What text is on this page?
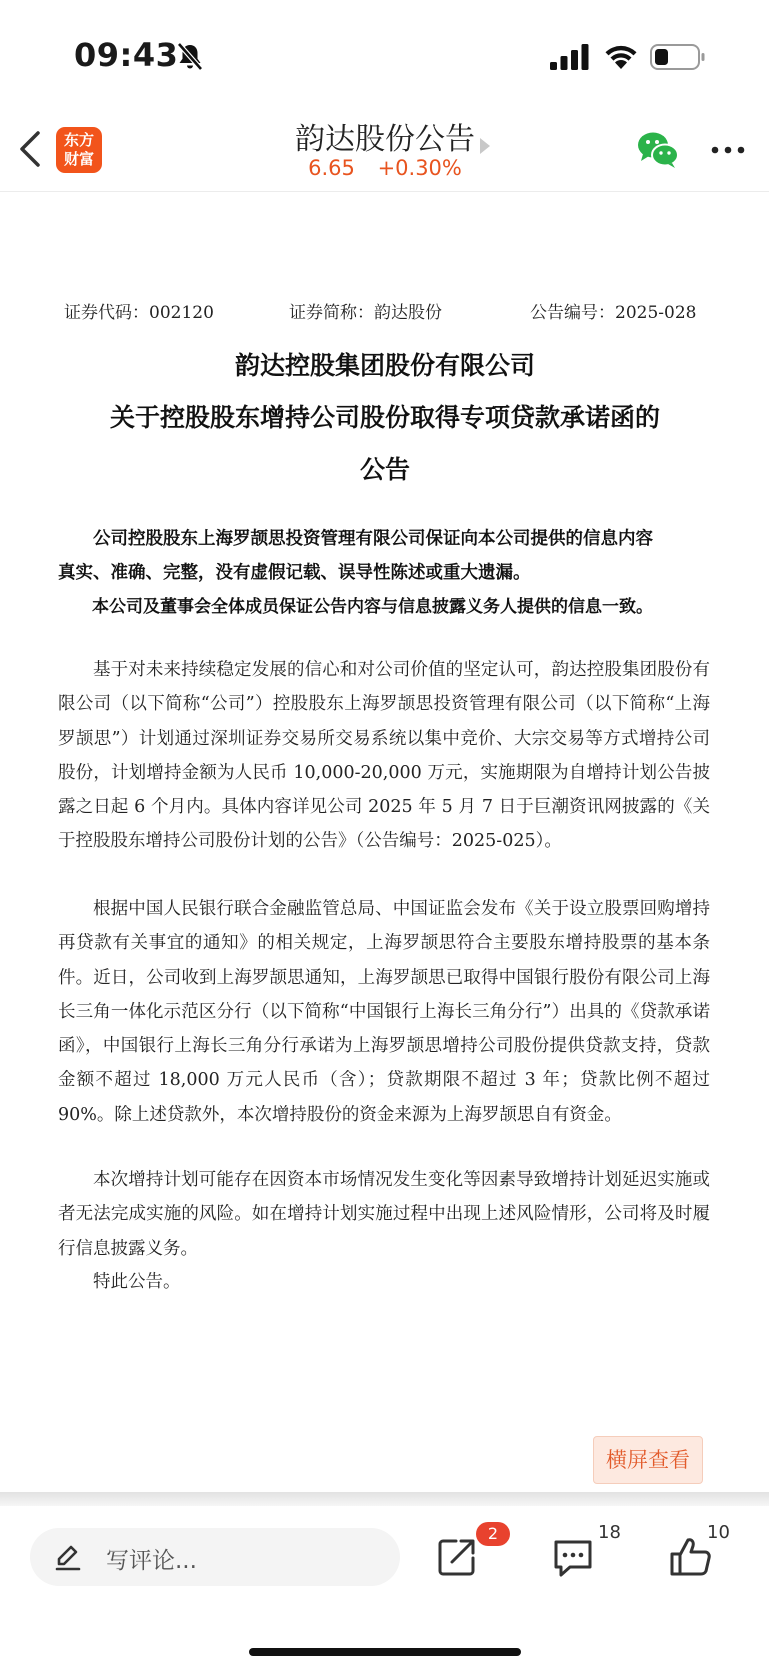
09:43
东方
财富
韵达股份公告
6.65 +0.30%
证券代码：002120	证券简称：韵达股份	公告编号：2025-028
韵达控股集团股份有限公司
关于控股股东增持公司股份取得专项贷款承诺函的
公告
公司控股股东上海罗颉思投资管理有限公司保证向本公司提供的信息内容
真实、准确、完整，没有虚假记载、误导性陈述或重大遗漏。
本公司及董事会全体成员保证公告内容与信息披露义务人提供的信息一致。
基于对未来持续稳定发展的信心和对公司价值的坚定认可，韵达控股集团股份有限公司（以下简称“公司”）控股股东上海罗颉思投资管理有限公司（以下简称“上海罗颉思”）计划通过深圳证券交易所交易系统以集中竞价、大宗交易等方式增持公司股份，计划增持金额为人民币 10,000-20,000 万元，实施期限为自增持计划公告披露之日起 6 个月内。具体内容详见公司 2025 年 5 月 7 日于巨潮资讯网披露的《关于控股股东增持公司股份计划的公告》（公告编号：2025-025）。
根据中国人民银行联合金融监管总局、中国证监会发布《关于设立股票回购增持再贷款有关事宜的通知》的相关规定，上海罗颉思符合主要股东增持股票的基本条件。近日，公司收到上海罗颉思通知，上海罗颉思已取得中国银行股份有限公司上海长三角一体化示范区分行（以下简称“中国银行上海长三角分行”）出具的《贷款承诺函》，中国银行上海长三角分行承诺为上海罗颉思增持公司股份提供贷款支持，贷款金额不超过 18,000 万元人民币（含）；贷款期限不超过 3 年；贷款比例不超过 90%。除上述贷款外，本次增持股份的资金来源为上海罗颉思自有资金。
本次增持计划可能存在因资本市场情况发生变化等因素导致增持计划延迟实施或者无法完成实施的风险。如在增持计划实施过程中出现上述风险情形，公司将及时履行信息披露义务。
特此公告。
横屏查看
写评论...
2	18	10
